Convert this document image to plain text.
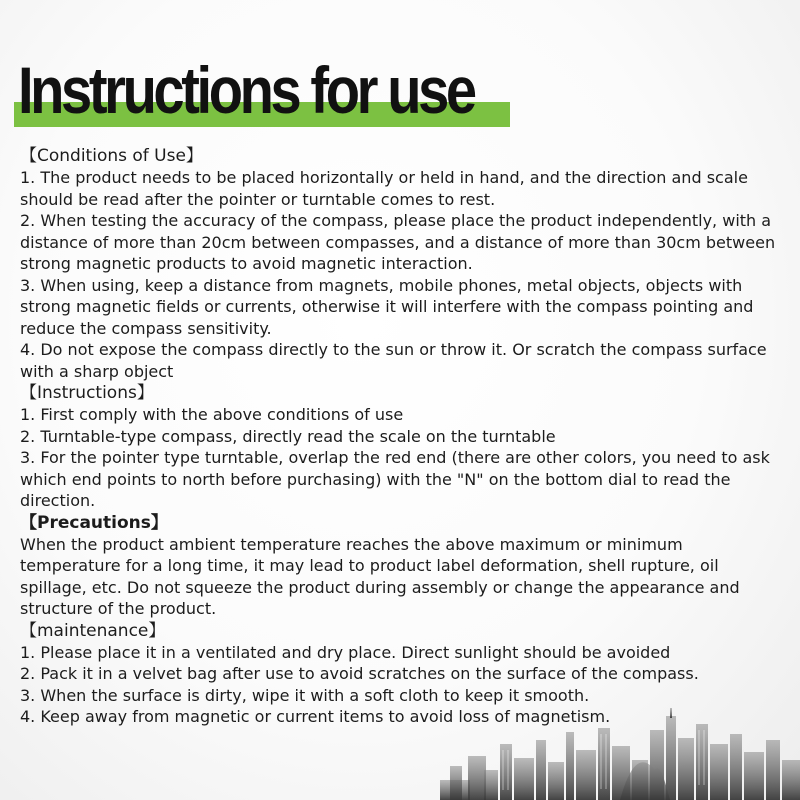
Instructions for use
【Conditions of Use】

1. The product needs to be placed horizontally or held in hand, and the direction and scale should be read after the pointer or turntable comes to rest.

2. When testing the accuracy of the compass, please place the product independently, with a distance of more than 20cm between compasses, and a distance of more than 30cm between strong magnetic products to avoid magnetic interaction.

3. When using, keep a distance from magnets, mobile phones, metal objects, objects with strong magnetic fields or currents, otherwise it will interfere with the compass pointing and reduce the compass sensitivity.

4. Do not expose the compass directly to the sun or throw it. Or scratch the compass surface with a sharp object

【Instructions】

1. First comply with the above conditions of use

2. Turntable-type compass, directly read the scale on the turntable

3. For the pointer type turntable, overlap the red end (there are other colors, you need to ask which end points to north before purchasing) with the "N" on the bottom dial to read the direction.

【Precautions】

When the product ambient temperature reaches the above maximum or minimum temperature for a long time, it may lead to product label deformation, shell rupture, oil spillage, etc. Do not squeeze the product during assembly or change the appearance and structure of the product.

【maintenance】

1. Please place it in a ventilated and dry place. Direct sunlight should be avoided

2. Pack it in a velvet bag after use to avoid scratches on the surface of the compass.

3. When the surface is dirty, wipe it with a soft cloth to keep it smooth.

4. Keep away from magnetic or current items to avoid loss of magnetism.
